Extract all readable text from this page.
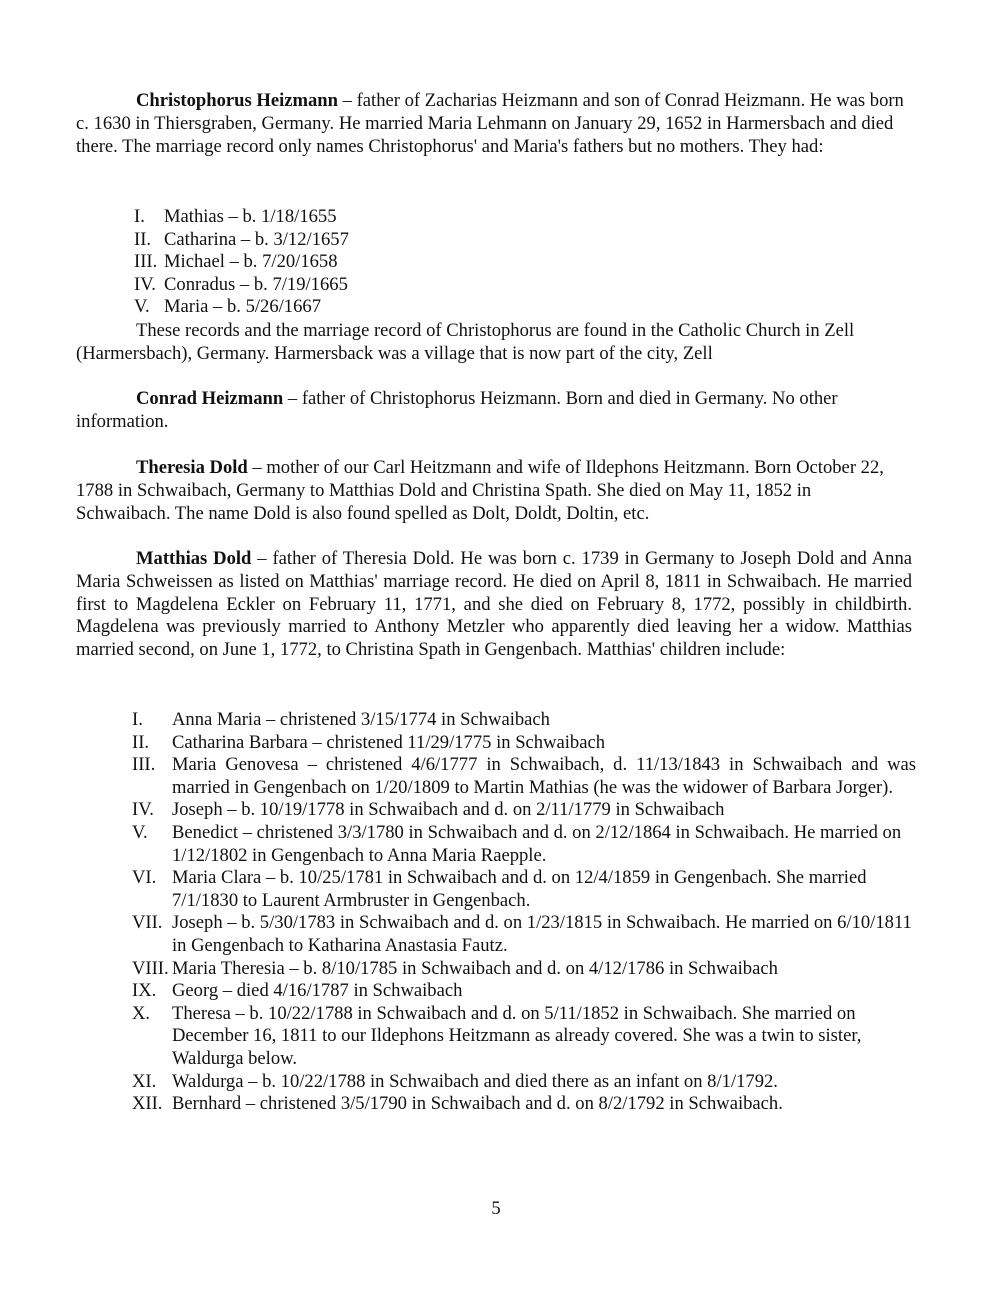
Christophorus Heizmann – father of Zacharias Heizmann and son of Conrad Heizmann. He was born c. 1630 in Thiersgraben, Germany. He married Maria Lehmann on January 29, 1652 in Harmersbach and died there. The marriage record only names Christophorus' and Maria's fathers but no mothers. They had:

I.	Mathias – b. 1/18/1655
II. Catharina – b. 3/12/1657
III. Michael – b. 7/20/1658
IV. Conradus – b. 7/19/1665
V. Maria – b. 5/26/1667

These records and the marriage record of Christophorus are found in the Catholic Church in Zell (Harmersbach), Germany. Harmersback was a village that is now part of the city, Zell

Conrad Heizmann – father of Christophorus Heizmann. Born and died in Germany. No other information.

Theresia Dold – mother of our Carl Heitzmann and wife of Ildephons Heitzmann. Born October 22, 1788 in Schwaibach, Germany to Matthias Dold and Christina Spath. She died on May 11, 1852 in Schwaibach. The name Dold is also found spelled as Dolt, Doldt, Doltin, etc.

Matthias Dold – father of Theresia Dold. He was born c. 1739 in Germany to Joseph Dold and Anna Maria Schweissen as listed on Matthias' marriage record. He died on April 8, 1811 in Schwaibach. He married first to Magdelena Eckler on February 11, 1771, and she died on February 8, 1772, possibly in childbirth. Magdelena was previously married to Anthony Metzler who apparently died leaving her a widow. Matthias married second, on June 1, 1772, to Christina Spath in Gengenbach. Matthias' children include:

I.	Anna Maria – christened 3/15/1774 in Schwaibach
II.	Catharina Barbara – christened 11/29/1775 in Schwaibach
III. Maria Genovesa – christened 4/6/1777 in Schwaibach, d. 11/13/1843 in Schwaibach and was married in Gengenbach on 1/20/1809 to Martin Mathias (he was the widower of Barbara Jorger).
IV. Joseph – b. 10/19/1778 in Schwaibach and d. on 2/11/1779 in Schwaibach
V.	Benedict – christened 3/3/1780 in Schwaibach and d. on 2/12/1864 in Schwaibach. He married on 1/12/1802 in Gengenbach to Anna Maria Raepple.
VI. Maria Clara – b. 10/25/1781 in Schwaibach and d. on 12/4/1859 in Gengenbach. She married 7/1/1830 to Laurent Armbruster in Gengenbach.
VII. Joseph – b. 5/30/1783 in Schwaibach and d. on 1/23/1815 in Schwaibach. He married on 6/10/1811 in Gengenbach to Katharina Anastasia Fautz.
VIII. Maria Theresia – b. 8/10/1785 in Schwaibach and d. on 4/12/1786 in Schwaibach
IX. Georg – died 4/16/1787 in Schwaibach
X.	Theresa – b. 10/22/1788 in Schwaibach and d. on 5/11/1852 in Schwaibach. She married on December 16, 1811 to our Ildephons Heitzmann as already covered. She was a twin to sister, Waldurga below.
XI. Waldurga – b. 10/22/1788 in Schwaibach and died there as an infant on 8/1/1792.
XII. Bernhard – christened 3/5/1790 in Schwaibach and d. on 8/2/1792 in Schwaibach.
5
